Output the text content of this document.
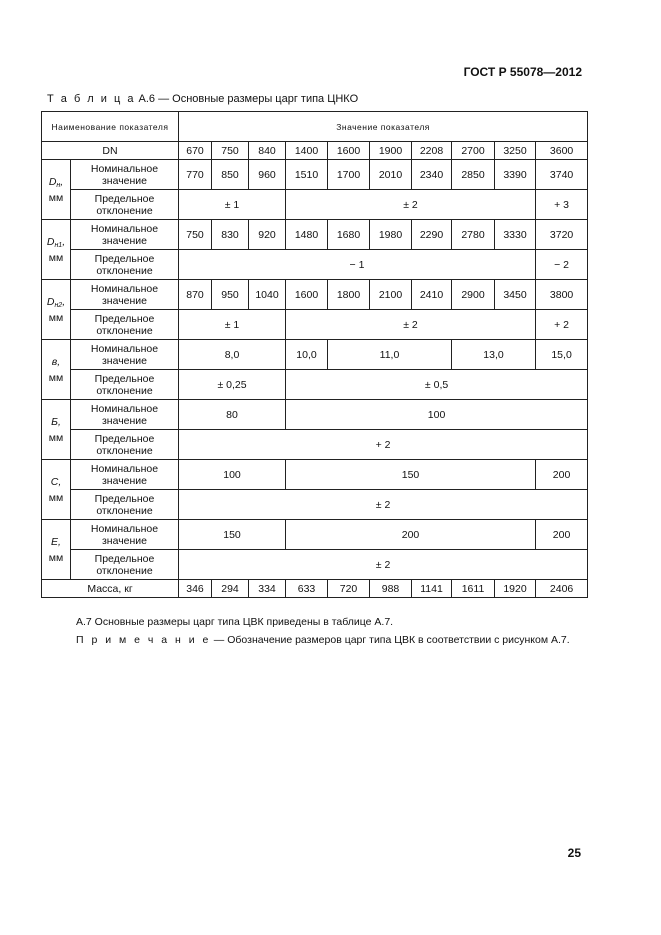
ГОСТ Р 55078—2012
Т а б л и ц а А.6 — Основные размеры царг типа ЦНКО
Наименование показателя		Значение показателя									
DN		670	750	840	1400	1600	1900	2208	2700	3250	3600
$D_н$,
мм	Номинальное значение	770	850	960	1510	1700	2010	2340	2850	3390	3740
	Предельное отклонение	± 1			± 2						+ 3
$D_{н1}$,
мм	Номинальное значение	750	830	920	1480	1680	1980	2290	2780	3330	3720
	Предельное отклонение	− 1									− 2
$D_{н2}$,
мм	Номинальное значение	870	950	1040	1600	1800	2100	2410	2900	3450	3800
	Предельное отклонение	± 1			± 2						+ 2
в,
мм	Номинальное значение	8,0			10,0	11,0			13,0		15,0
	Предельное отклонение	± 0,25			± 0,5						
Б,
мм	Номинальное значение	80			100						
	Предельное отклонение	+ 2									
С,
мм	Номинальное значение	100			150						200
	Предельное отклонение	± 2									
Е,
мм	Номинальное значение	150			200						200
	Предельное отклонение	± 2									
Масса, кг		346	294	334	633	720	988	1141	1611	1920	2406
А.7 Основные размеры царг типа ЦВК приведены в таблице А.7.
П р и м е ч а н и е — Обозначение размеров царг типа ЦВК в соответствии с рисунком А.7.
25
